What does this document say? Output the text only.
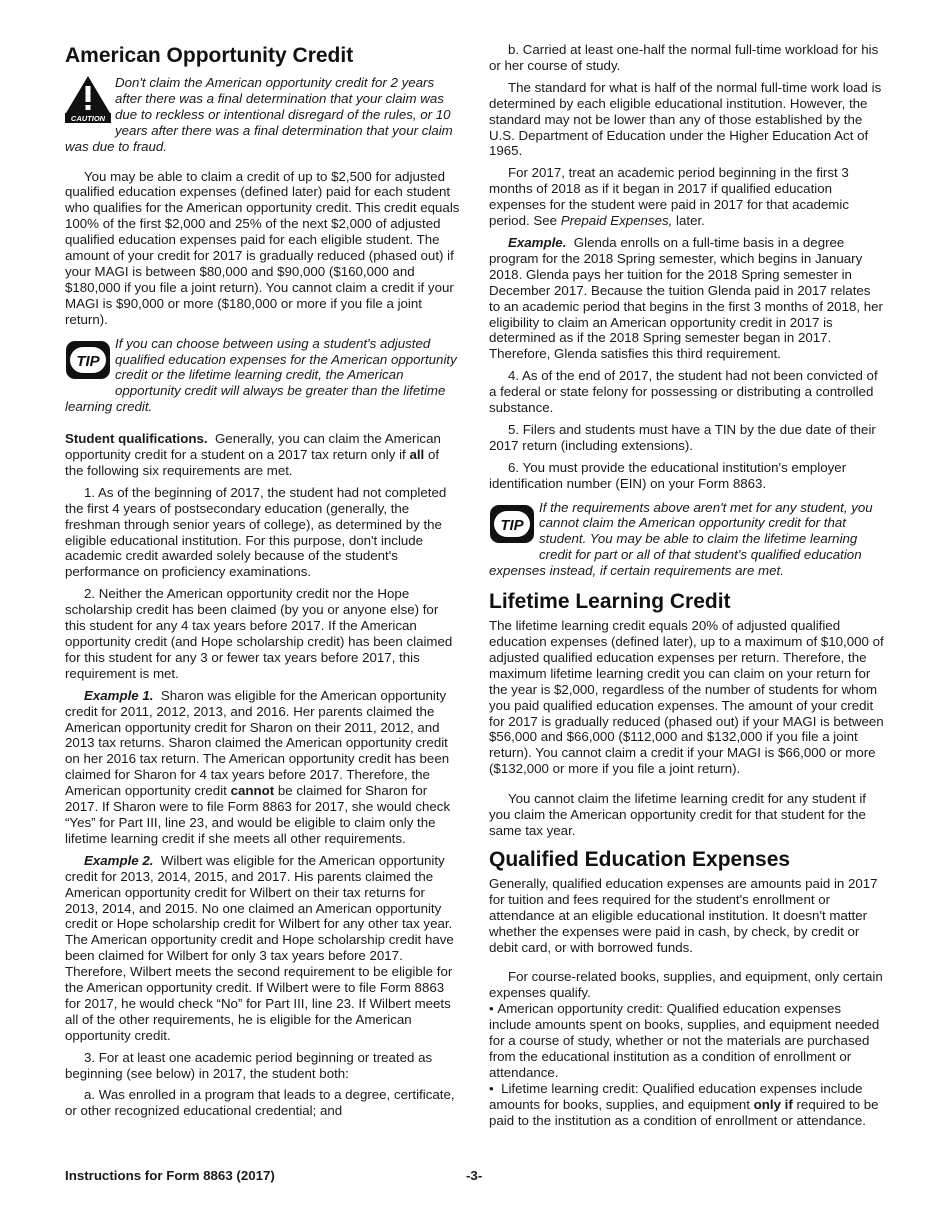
American Opportunity Credit
CAUTION
Don't claim the American opportunity credit for 2 years after there was a final determination that your claim was due to reckless or intentional disregard of the rules, or 10 years after there was a final determination that your claim was due to fraud.

You may be able to claim a credit of up to $2,500 for adjusted qualified education expenses (defined later) paid for each student who qualifies for the American opportunity credit. This credit equals 100% of the first $2,000 and 25% of the next $2,000 of adjusted qualified education expenses paid for each eligible student. The amount of your credit for 2017 is gradually reduced (phased out) if your MAGI is between $80,000 and $90,000 ($160,000 and $180,000 if you file a joint return). You cannot claim a credit if your MAGI is $90,000 or more ($180,000 or more if you file a joint return).

TIP
If you can choose between using a student's adjusted qualified education expenses for the American opportunity credit or the lifetime learning credit, the American opportunity credit will always be greater than the lifetime learning credit.

Student qualifications. Generally, you can claim the American opportunity credit for a student on a 2017 tax return only if all of the following six requirements are met.

1. As of the beginning of 2017, the student had not completed the first 4 years of postsecondary education (generally, the freshman through senior years of college), as determined by the eligible educational institution. For this purpose, don't include academic credit awarded solely because of the student's performance on proficiency examinations.

2. Neither the American opportunity credit nor the Hope scholarship credit has been claimed (by you or anyone else) for this student for any 4 tax years before 2017. If the American opportunity credit (and Hope scholarship credit) has been claimed for this student for any 3 or fewer tax years before 2017, this requirement is met.

Example 1. Sharon was eligible for the American opportunity credit for 2011, 2012, 2013, and 2016. Her parents claimed the American opportunity credit for Sharon on their 2011, 2012, and 2013 tax returns. Sharon claimed the American opportunity credit on her 2016 tax return. The American opportunity credit has been claimed for Sharon for 4 tax years before 2017. Therefore, the American opportunity credit cannot be claimed for Sharon for 2017. If Sharon were to file Form 8863 for 2017, she would check “Yes” for Part III, line 23, and would be eligible to claim only the lifetime learning credit if she meets all other requirements.

Example 2. Wilbert was eligible for the American opportunity credit for 2013, 2014, 2015, and 2017. His parents claimed the American opportunity credit for Wilbert on their tax returns for 2013, 2014, and 2015. No one claimed an American opportunity credit or Hope scholarship credit for Wilbert for any other tax year. The American opportunity credit and Hope scholarship credit have been claimed for Wilbert for only 3 tax years before 2017. Therefore, Wilbert meets the second requirement to be eligible for the American opportunity credit. If Wilbert were to file Form 8863 for 2017, he would check “No” for Part III, line 23. If Wilbert meets all of the other requirements, he is eligible for the American opportunity credit.

3. For at least one academic period beginning or treated as beginning (see below) in 2017, the student both:

a. Was enrolled in a program that leads to a degree, certificate, or other recognized educational credential; and

b. Carried at least one-half the normal full-time workload for his or her course of study.

The standard for what is half of the normal full-time work load is determined by each eligible educational institution. However, the standard may not be lower than any of those established by the U.S. Department of Education under the Higher Education Act of 1965.

For 2017, treat an academic period beginning in the first 3 months of 2018 as if it began in 2017 if qualified education expenses for the student were paid in 2017 for that academic period. See Prepaid Expenses, later.

Example. Glenda enrolls on a full-time basis in a degree program for the 2018 Spring semester, which begins in January 2018. Glenda pays her tuition for the 2018 Spring semester in December 2017. Because the tuition Glenda paid in 2017 relates to an academic period that begins in the first 3 months of 2018, her eligibility to claim an American opportunity credit in 2017 is determined as if the 2018 Spring semester began in 2017. Therefore, Glenda satisfies this third requirement.

4. As of the end of 2017, the student had not been convicted of a federal or state felony for possessing or distributing a controlled substance.

5. Filers and students must have a TIN by the due date of their 2017 return (including extensions).

6. You must provide the educational institution's employer identification number (EIN) on your Form 8863.

TIP
If the requirements above aren't met for any student, you cannot claim the American opportunity credit for that student. You may be able to claim the lifetime learning credit for part or all of that student's qualified education expenses instead, if certain requirements are met.
Lifetime Learning Credit

The lifetime learning credit equals 20% of adjusted qualified education expenses (defined later), up to a maximum of $10,000 of adjusted qualified education expenses per return. Therefore, the maximum lifetime learning credit you can claim on your return for the year is $2,000, regardless of the number of students for whom you paid qualified education expenses. The amount of your credit for 2017 is gradually reduced (phased out) if your MAGI is between $56,000 and $66,000 ($112,000 and $132,000 if you file a joint return). You cannot claim a credit if your MAGI is $66,000 or more ($132,000 or more if you file a joint return).

You cannot claim the lifetime learning credit for any student if you claim the American opportunity credit for that student for the same tax year.

Qualified Education Expenses

Generally, qualified education expenses are amounts paid in 2017 for tuition and fees required for the student's enrollment or attendance at an eligible educational institution. It doesn't matter whether the expenses were paid in cash, by check, by credit or debit card, or with borrowed funds.

For course-related books, supplies, and equipment, only certain expenses qualify.

• American opportunity credit: Qualified education expenses include amounts spent on books, supplies, and equipment needed for a course of study, whether or not the materials are purchased from the educational institution as a condition of enrollment or attendance.
• Lifetime learning credit: Qualified education expenses include amounts for books, supplies, and equipment only if required to be paid to the institution as a condition of enrollment or attendance.
Instructions for Form 8863 (2017)	-3-
